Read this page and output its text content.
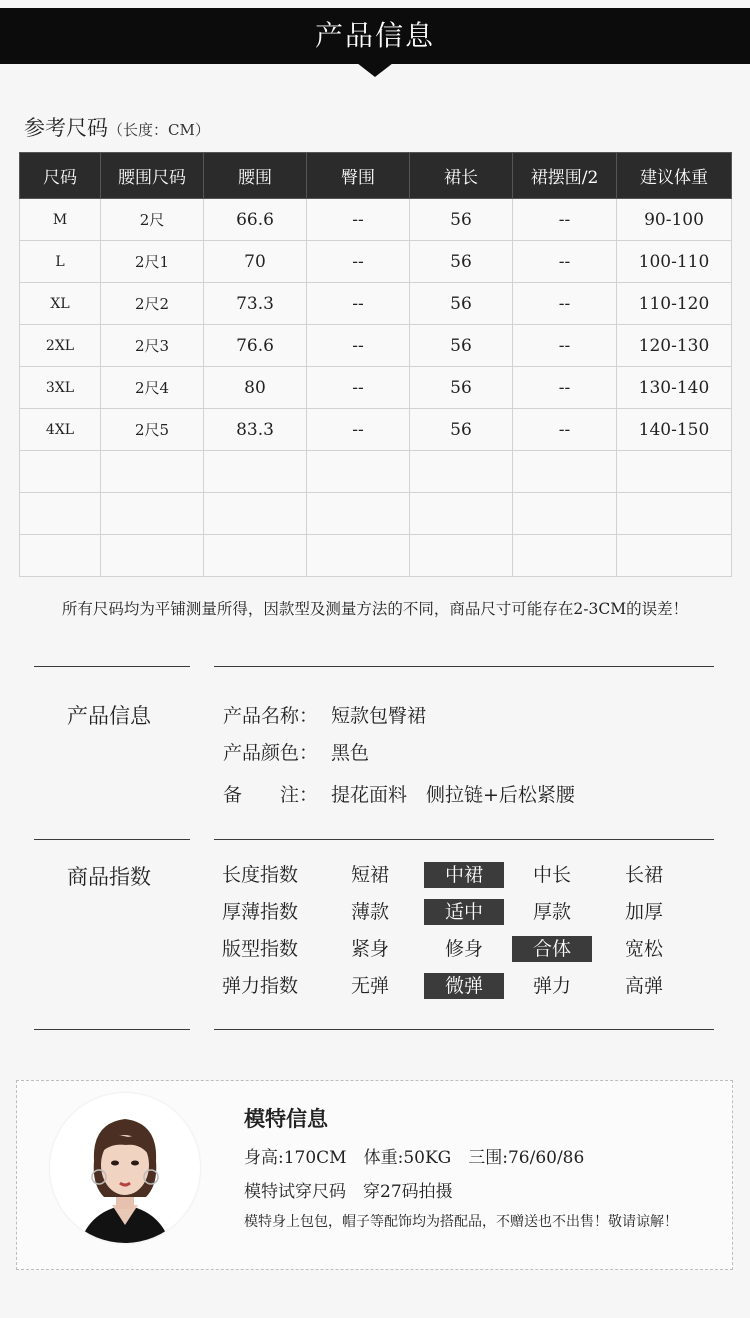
产品信息
参考尺码（长度：CM）
尺码	腰围尺码	腰围	臀围	裙长	裙摆围/2	建议体重
M	2尺	66.6	--	56	--	90-100
L	2尺1	70	--	56	--	100-110
XL	2尺2	73.3	--	56	--	110-120
2XL	2尺3	76.6	--	56	--	120-130
3XL	2尺4	80	--	56	--	130-140
4XL	2尺5	83.3	--	56	--	140-150

所有尺码均为平铺测量所得，因款型及测量方法的不同，商品尺寸可能存在2-3CM的误差！
产品信息	产品名称： 短款包臀裙
产品颜色： 黑色
备　　注： 提花面料　侧拉链+后松紧腰
商品指数	长度指数	短裙	中裙	中长	长裙
厚薄指数	薄款	适中	厚款	加厚
版型指数	紧身	修身	合体	宽松
弹力指数	无弹	微弹	弹力	高弹
模特信息
身高:170CM　体重:50KG　三围:76/60/86
模特试穿尺码　穿27码拍摄
模特身上包包，帽子等配饰均为搭配品，不赠送也不出售！敬请谅解！
